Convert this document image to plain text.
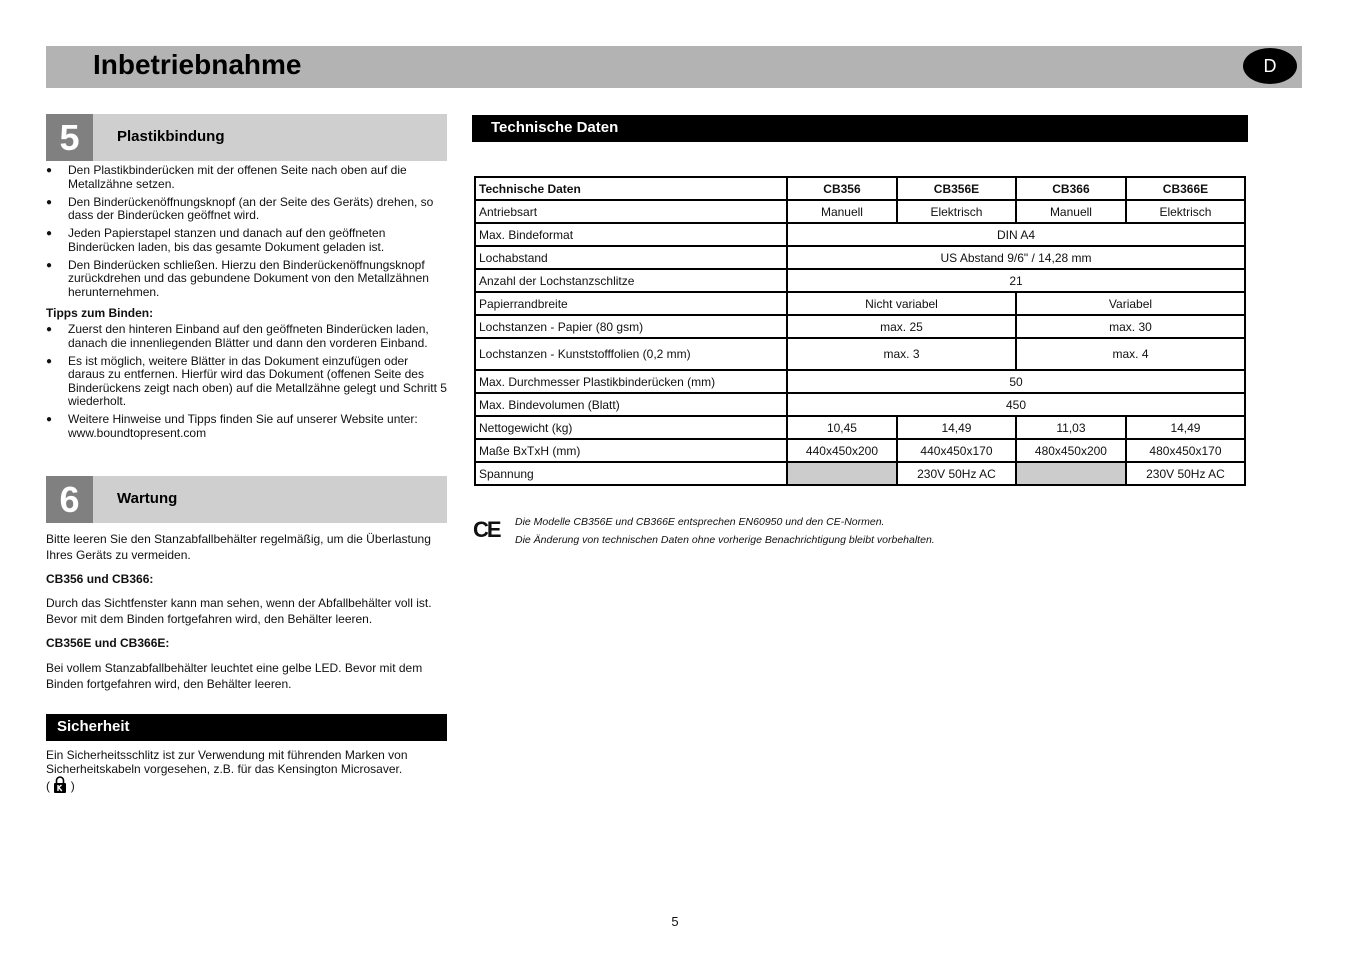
Inbetriebnahme	D
5	Plastikbindung
● Den Plastikbinderücken mit der offenen Seite nach oben auf die Metallzähne setzen.
● Den Binderückenöffnungsknopf (an der Seite des Geräts) drehen, so dass der Binderücken geöffnet wird.
● Jeden Papierstapel stanzen und danach auf den geöffneten Binderücken laden, bis das gesamte Dokument geladen ist.
● Den Binderücken schließen. Hierzu den Binderückenöffnungsknopf zurückdrehen und das gebundene Dokument von den Metallzähnen herunternehmen.
Tipps zum Binden:
● Zuerst den hinteren Einband auf den geöffneten Binderücken laden, danach die innenliegenden Blätter und dann den vorderen Einband.
● Es ist möglich, weitere Blätter in das Dokument einzufügen oder daraus zu entfernen. Hierfür wird das Dokument (offenen Seite des Binderückens zeigt nach oben) auf die Metallzähne gelegt und Schritt 5 wiederholt.
● Weitere Hinweise und Tipps finden Sie auf unserer Website unter: www.boundtopresent.com
6	Wartung

Bitte leeren Sie den Stanzabfallbehälter regelmäßig, um die Überlastung Ihres Geräts zu vermeiden.

CB356 und CB366:

Durch das Sichtfenster kann man sehen, wenn der Abfallbehälter voll ist. Bevor mit dem Binden fortgefahren wird, den Behälter leeren.

CB356E und CB366E:

Bei vollem Stanzabfallbehälter leuchtet eine gelbe LED. Bevor mit dem Binden fortgefahren wird, den Behälter leeren.

Sicherheit
Ein Sicherheitsschlitz ist zur Verwendung mit führenden Marken von Sicherheitskabeln vorgesehen, z.B. für das Kensington Microsaver.
( )
Technische Daten
Technische Daten	CB356	CB356E	CB366	CB366E
Antriebsart	Manuell	Elektrisch	Manuell	Elektrisch
Max. Bindeformat	DIN A4			
Lochabstand	US Abstand 9/6" / 14,28 mm			
Anzahl der Lochstanzschlitze	21			
Papierrandbreite	Nicht variabel		Variabel	
Lochstanzen - Papier (80 gsm)	max. 25		max. 30	
Lochstanzen - Kunststofffolien (0,2 mm)	max. 3		max. 4	
Max. Durchmesser Plastikbinderücken (mm)	50			
Max. Bindevolumen (Blatt)	450			
Nettogewicht (kg)	10,45	14,49	11,03	14,49
Maße BxTxH (mm)	440x450x200	440x450x170	480x450x200	480x450x170
Spannung		230V 50Hz AC		230V 50Hz AC
CE Die Modelle CB356E und CB366E entsprechen EN60950 und den CE-Normen.
Die Änderung von technischen Daten ohne vorherige Benachrichtigung bleibt vorbehalten.
5
